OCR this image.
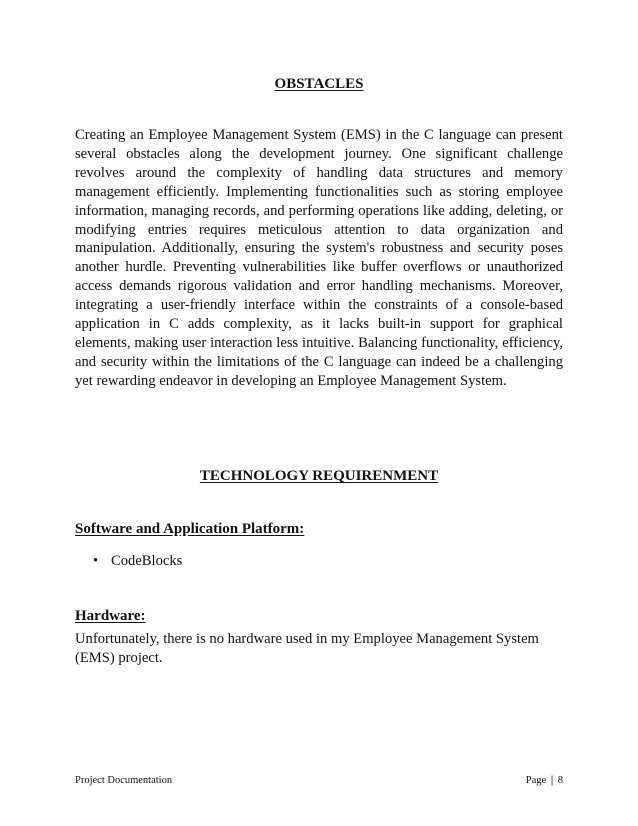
OBSTACLES

Creating an Employee Management System (EMS) in the C language can present several obstacles along the development journey. One significant challenge revolves around the complexity of handling data structures and memory management efficiently. Implementing functionalities such as storing employee information, managing records, and performing operations like adding, deleting, or modifying entries requires meticulous attention to data organization and manipulation. Additionally, ensuring the system's robustness and security poses another hurdle. Preventing vulnerabilities like buffer overflows or unauthorized access demands rigorous validation and error handling mechanisms. Moreover, integrating a user-friendly interface within the constraints of a console-based application in C adds complexity, as it lacks built-in support for graphical elements, making user interaction less intuitive. Balancing functionality, efficiency, and security within the limitations of the C language can indeed be a challenging yet rewarding endeavor in developing an Employee Management System.

TECHNOLOGY REQUIRENMENT
Software and Application Platform:
• CodeBlocks
Hardware:

Unfortunately, there is no hardware used in my Employee Management System (EMS) project.

Project Documentation	Page | 8
